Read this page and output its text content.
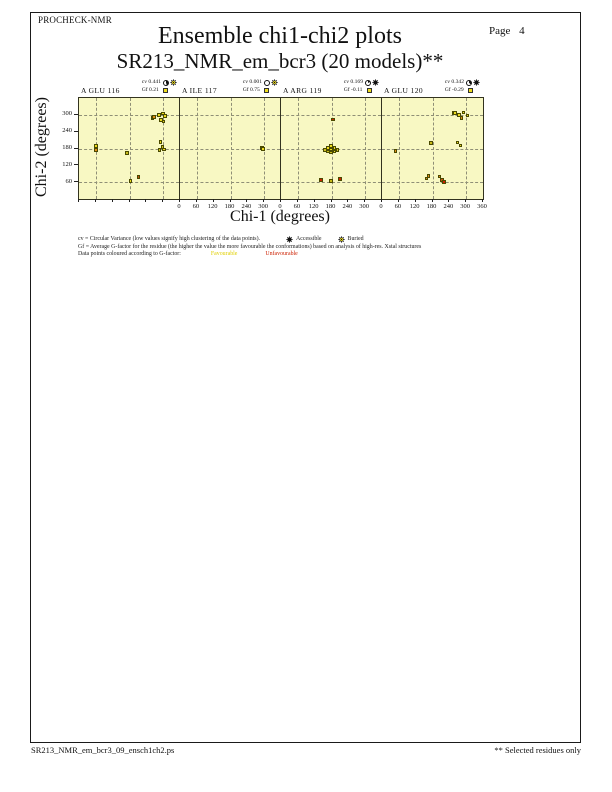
PROCHECK-NMR
Page 4
Ensemble chi1-chi2 plots
SR213_NMR_em_bcr3 (20 models)**
Chi-2 (degrees)
A GLU 116
cv 0.441
Gf 0.21	A ILE 117
cv 0.001
Gf 0.75	A ARG 119
cv 0.169
Gf -0.11	A GLU 120
cv 0.342
Gf -0.29
Chi-1 (degrees)
cv = Circular Variance (low values signify high clustering of the data points).	Accessible	Buried
Gf = Average G-factor for the residue (the higher the value the more favourable the conformations) based on analysis of high-res. Xstal structures
Data points coloured according to G-factor:	Favourable	Unfavourable
SR213_NMR_em_bcr3_09_ensch1ch2.ps	** Selected residues only
0	60	120	180	240	300	0	60	120	180	240	300	0	60	120	180	240	300	360
300
240
180
120
60
